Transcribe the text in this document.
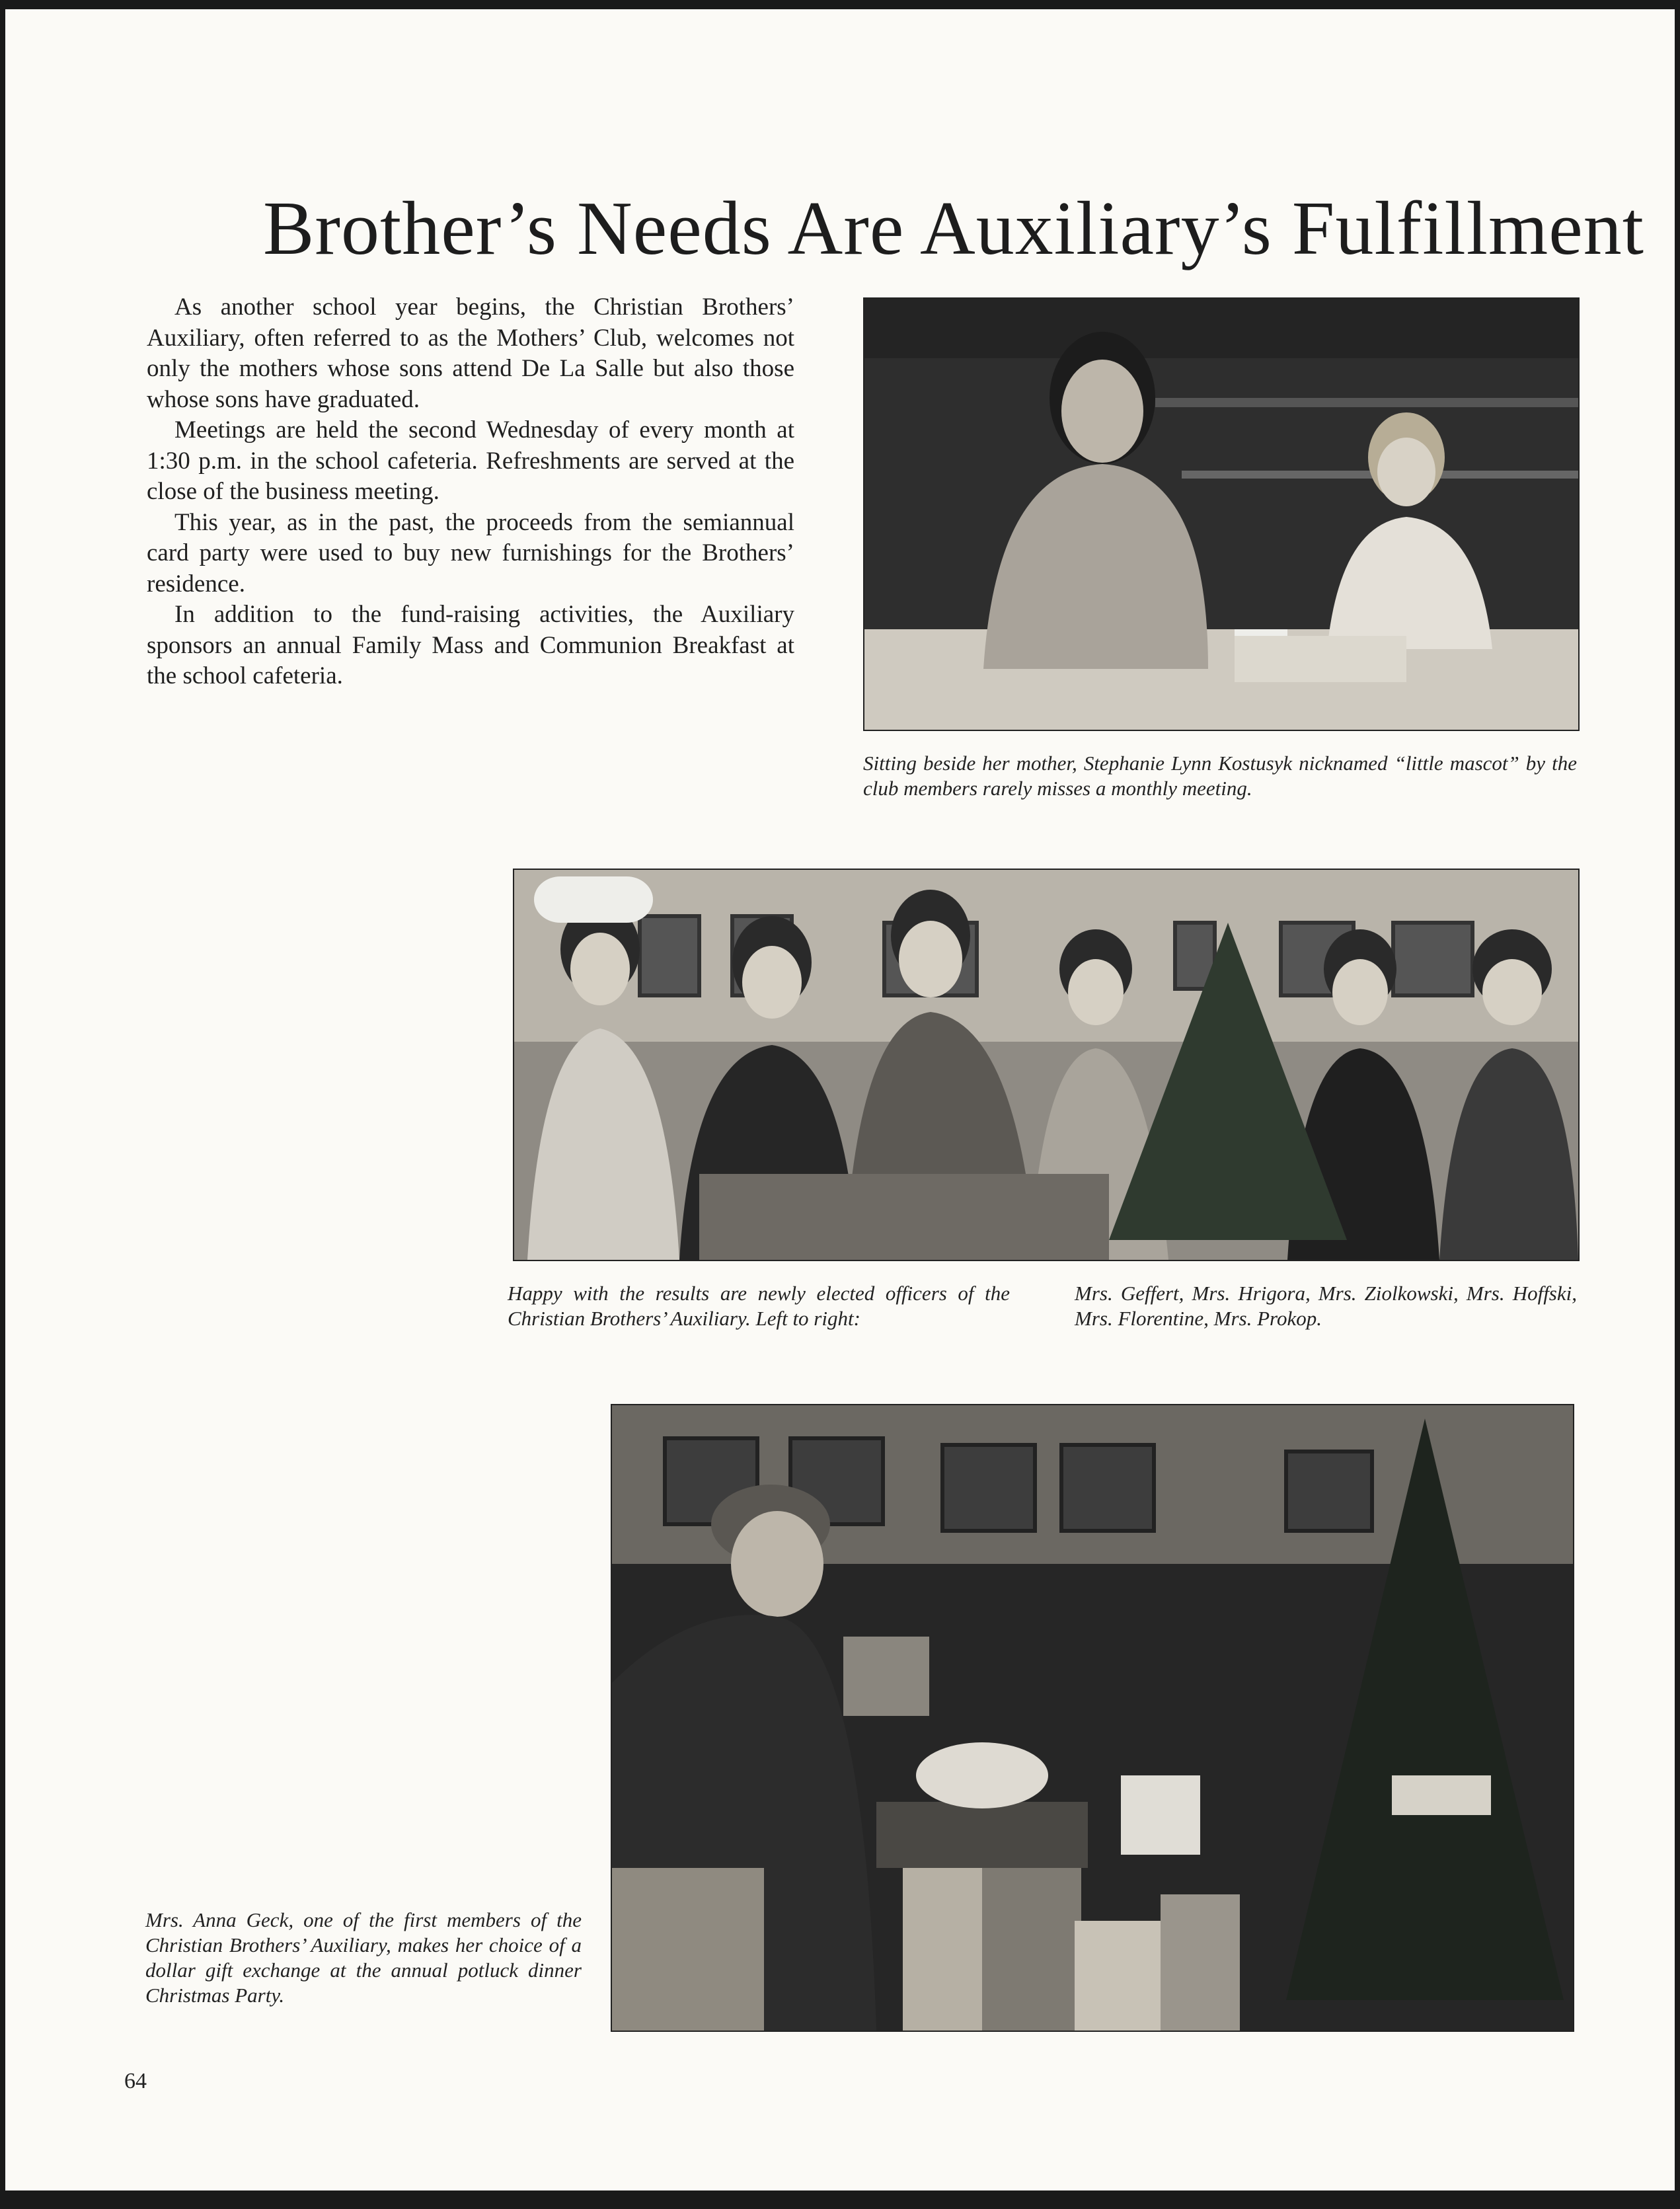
Brother’s Needs Are Auxiliary’s Fulfillment

As another school year begins, the Christian Brothers’ Auxiliary, often referred to as the Mothers’ Club, welcomes not only the mothers whose sons attend De La Salle but also those whose sons have graduated.

Meetings are held the second Wednesday of every month at 1:30 p.m. in the school cafeteria. Refreshments are served at the close of the business meeting.

This year, as in the past, the proceeds from the semiannual card party were used to buy new furnishings for the Brothers’ residence.

In addition to the fund-raising activities, the Auxiliary sponsors an annual Family Mass and Communion Breakfast at the school cafeteria.

Sitting beside her mother, Stephanie Lynn Kostusyk nicknamed “little mascot” by the club members rarely misses a monthly meeting.
Happy with the results are newly elected officers of the Christian Brothers’ Auxiliary. Left to right:
Mrs. Geffert, Mrs. Hrigora, Mrs. Ziolkowski, Mrs. Hoffski, Mrs. Florentine, Mrs. Prokop.
Mrs. Anna Geck, one of the first members of the Christian Brothers’ Auxiliary, makes her choice of a dollar gift exchange at the annual potluck dinner Christmas Party.
64
